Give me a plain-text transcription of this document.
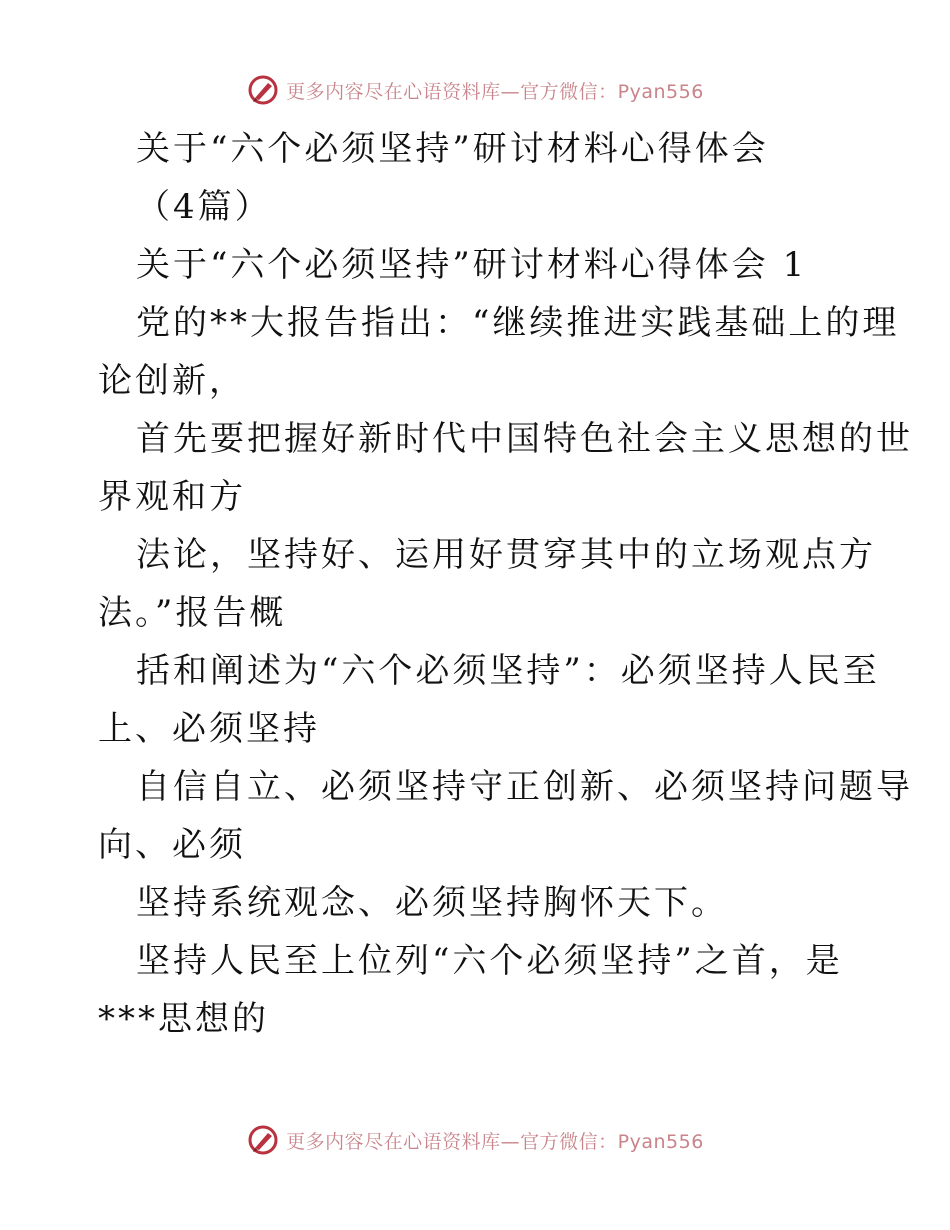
更多内容尽在心语资料库—官方微信：Pyan556
关于“六个必须坚持”研讨材料心得体会
（4篇）
关于“六个必须坚持”研讨材料心得体会 1
党的**大报告指出：“继续推进实践基础上的理
论创新，
首先要把握好新时代中国特色社会主义思想的世
界观和方
法论，坚持好、运用好贯穿其中的立场观点方
法。”报告概
括和阐述为“六个必须坚持”：必须坚持人民至
上、必须坚持
自信自立、必须坚持守正创新、必须坚持问题导
向、必须
坚持系统观念、必须坚持胸怀天下。
坚持人民至上位列“六个必须坚持”之首，是
***思想的
更多内容尽在心语资料库—官方微信：Pyan556
